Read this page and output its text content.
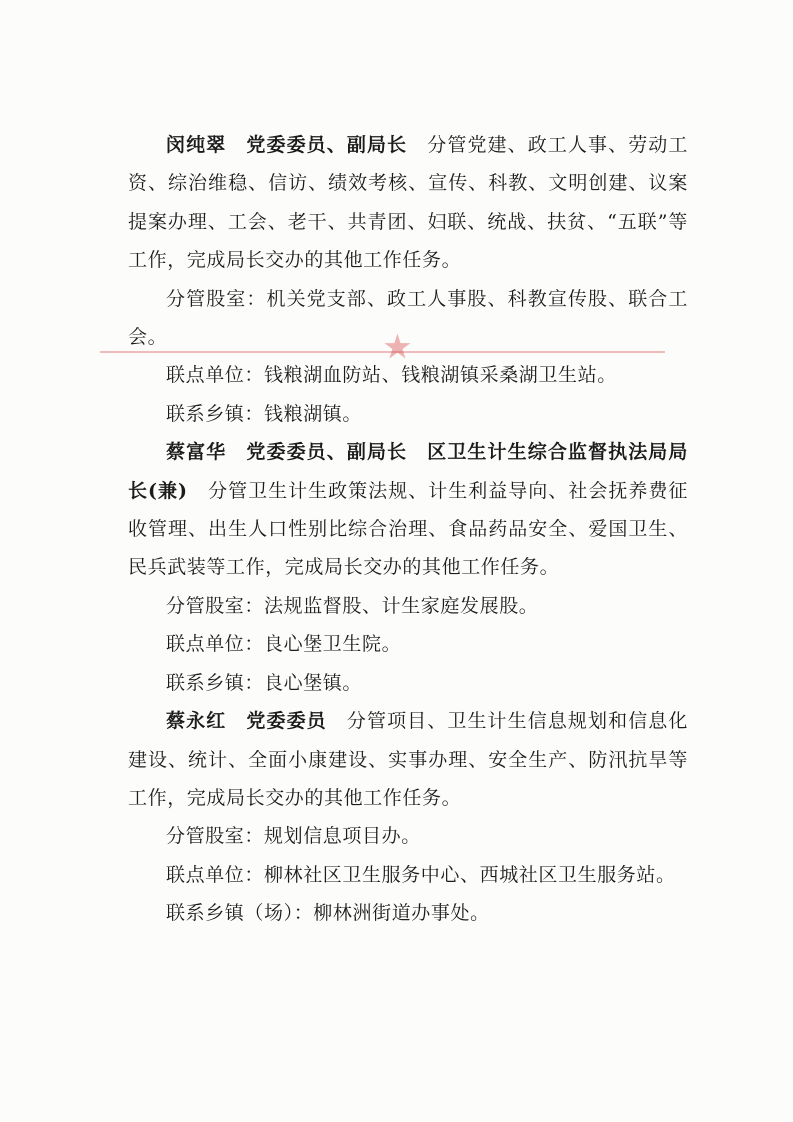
★

闵纯翠　党委委员、副局长　 分管党建、政工人事、劳动工资、综治维稳、信访、绩效考核、宣传、科教、文明创建、议案提案办理、工会、老干、共青团、妇联、统战、扶贫、“五联”等工作，完成局长交办的其他工作任务。

分管股室：机关党支部、政工人事股、科教宣传股、联合工会。

联点单位：钱粮湖血防站、钱粮湖镇采桑湖卫生站。

联系乡镇：钱粮湖镇。

蔡富华　党委委员、副局长　区卫生计生综合监督执法局局长(兼)　 分管卫生计生政策法规、计生利益导向、社会抚养费征收管理、出生人口性别比综合治理、食品药品安全、爱国卫生、民兵武装等工作，完成局长交办的其他工作任务。

分管股室：法规监督股、计生家庭发展股。

联点单位：良心堡卫生院。

联系乡镇：良心堡镇。

蔡永红　党委委员　 分管项目、卫生计生信息规划和信息化建设、统计、全面小康建设、实事办理、安全生产、防汛抗旱等工作，完成局长交办的其他工作任务。

分管股室：规划信息项目办。

联点单位：柳林社区卫生服务中心、西城社区卫生服务站。

联系乡镇（场）：柳林洲街道办事处。
